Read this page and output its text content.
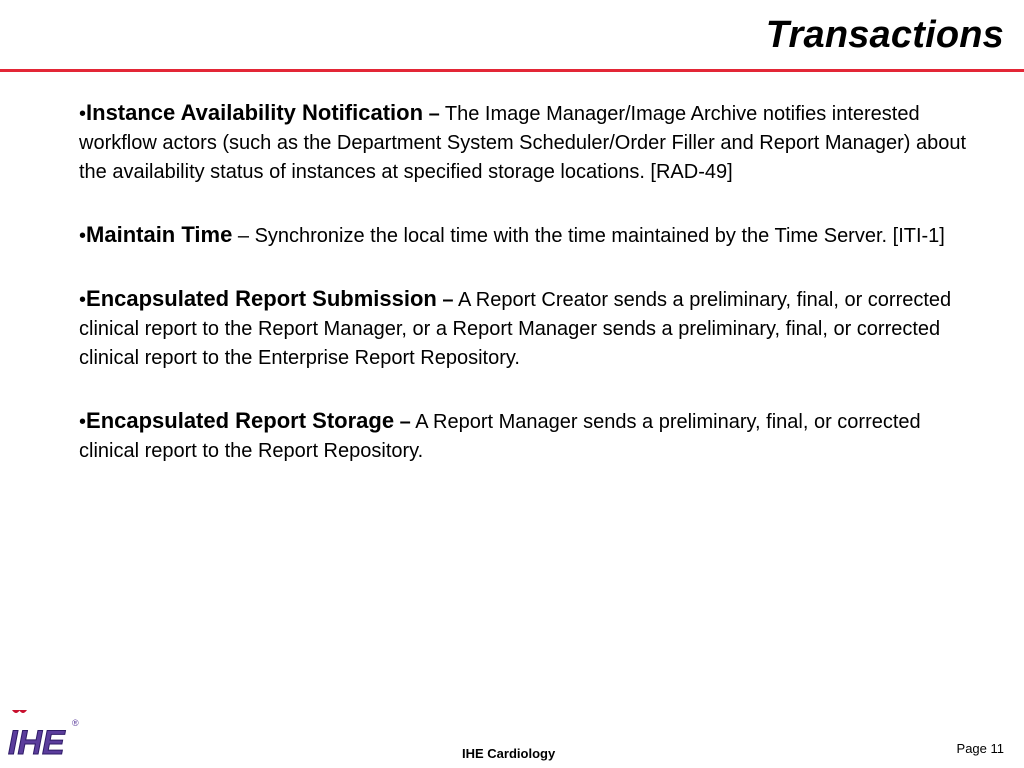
Transactions
•Instance Availability Notification – The Image Manager/Image Archive notifies interested workflow actors (such as the Department System Scheduler/Order Filler and Report Manager) about the availability status of instances at specified storage locations. [RAD-49]
•Maintain Time – Synchronize the local time with the time maintained by the Time Server. [ITI-1]
•Encapsulated Report Submission – A Report Creator sends a preliminary, final, or corrected clinical report to the Report Manager, or a Report Manager sends a preliminary, final, or corrected clinical report to the Enterprise Report Repository.
•Encapsulated Report Storage – A Report Manager sends a preliminary, final, or corrected clinical report to the Report Repository.
IHE
®
IHE Cardiology	Page 11
